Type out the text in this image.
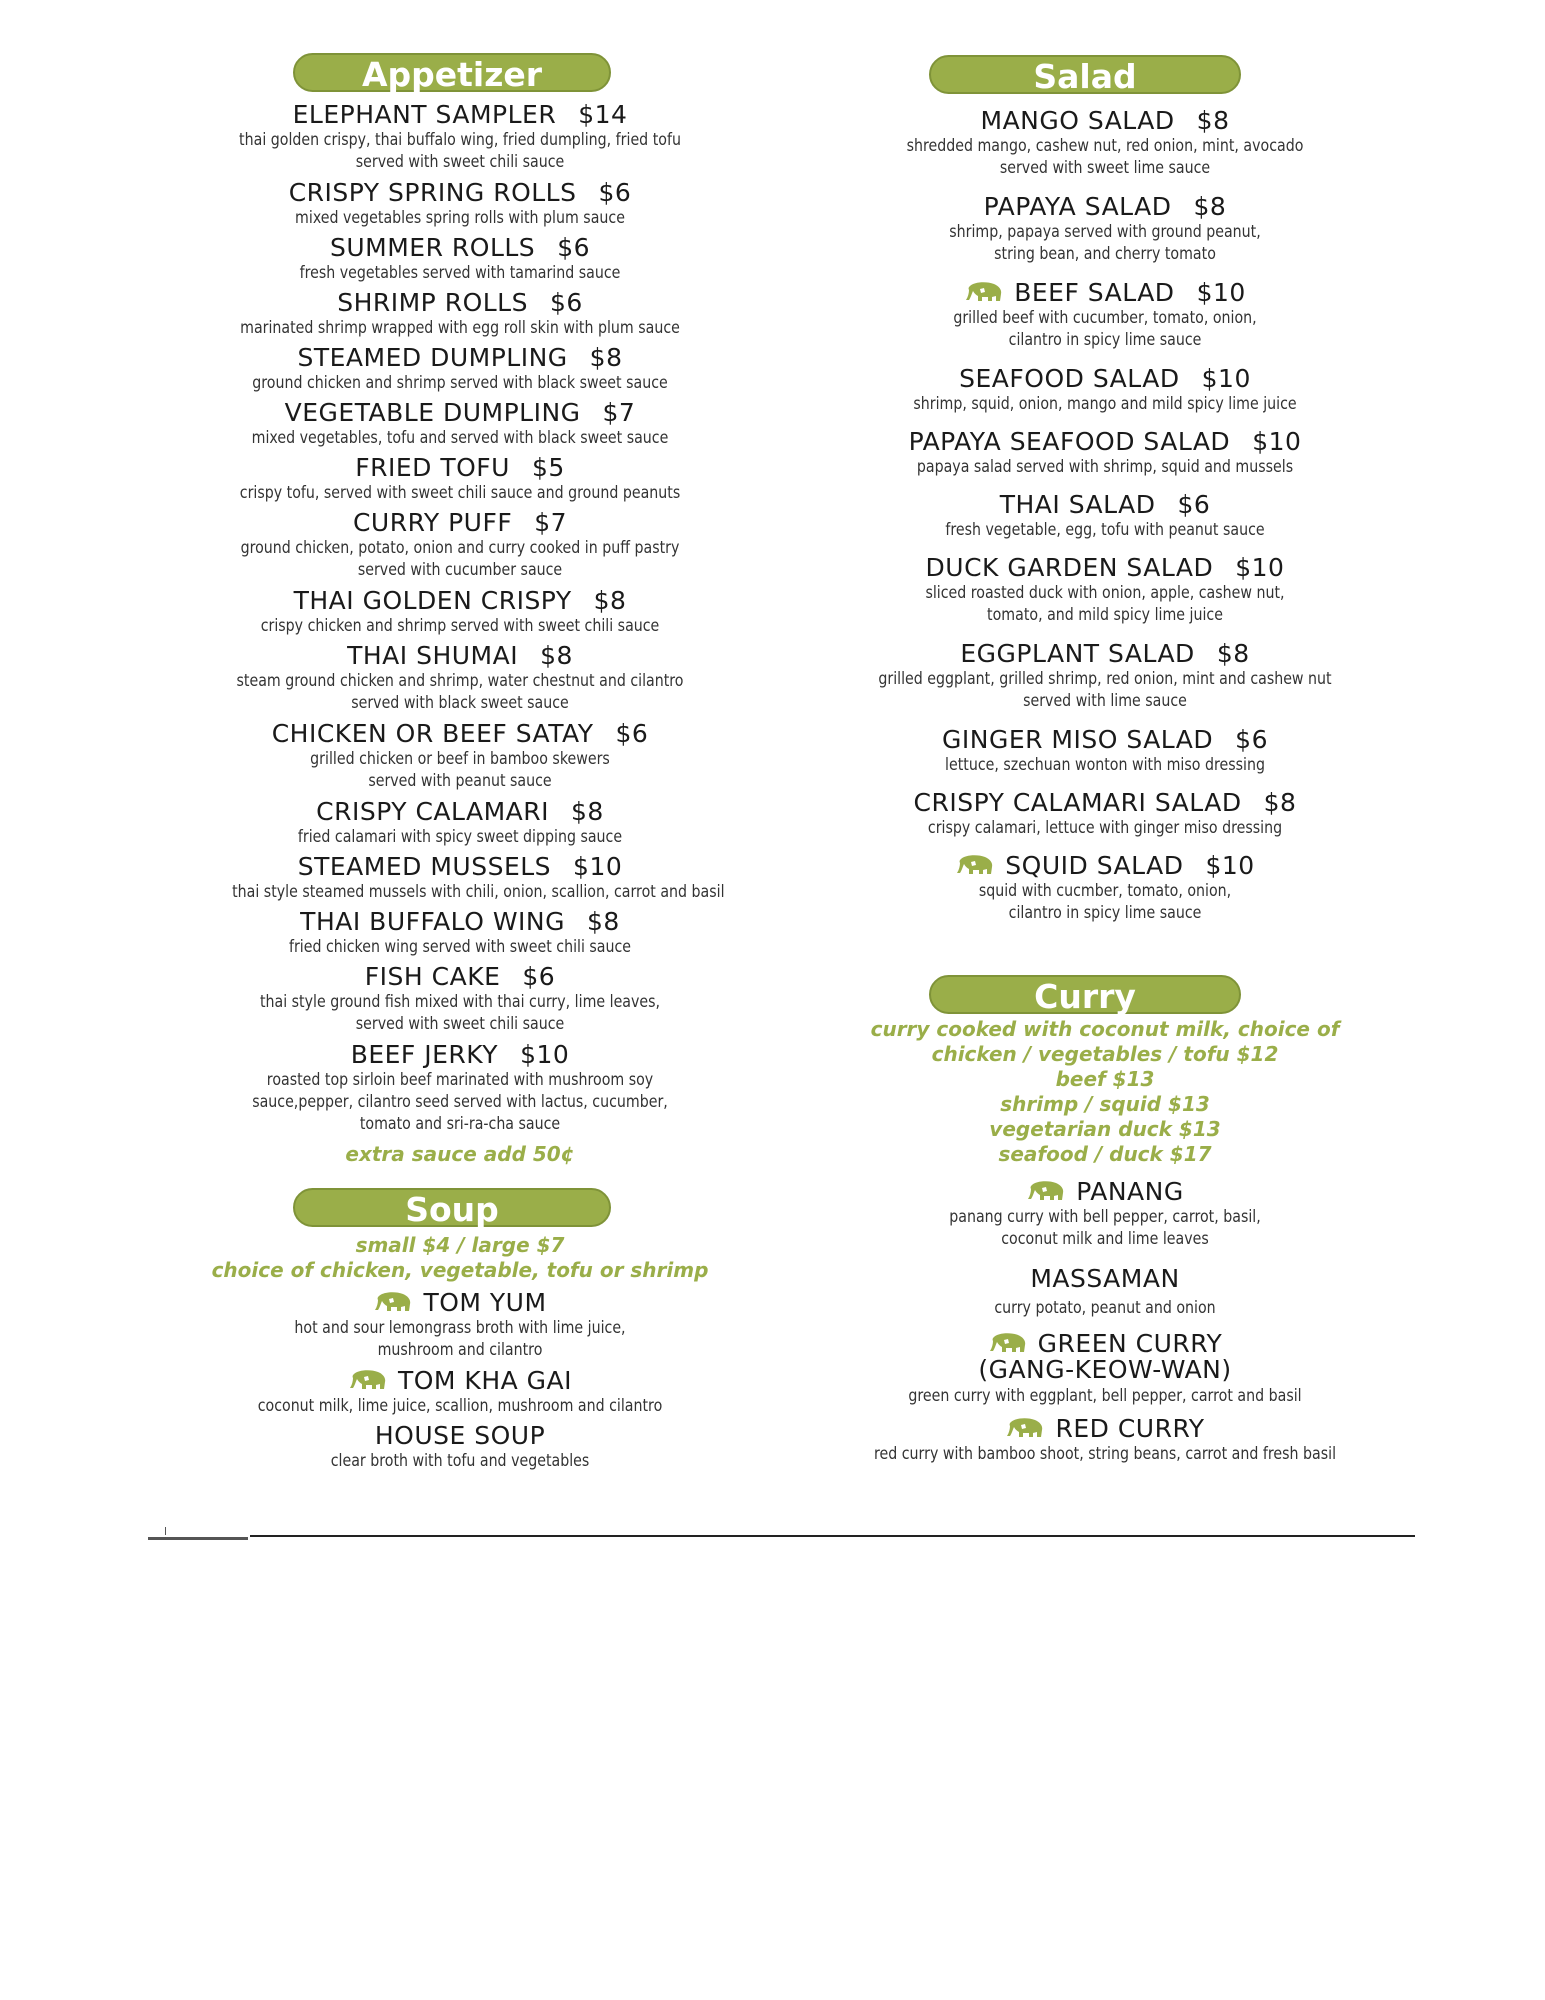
Appetizer
ELEPHANT SAMPLER $14
thai golden crispy, thai buffalo wing, fried dumpling, fried tofu
served with sweet chili sauce
CRISPY SPRING ROLLS $6
mixed vegetables spring rolls with plum sauce
SUMMER ROLLS $6
fresh vegetables served with tamarind sauce
SHRIMP ROLLS $6
marinated shrimp wrapped with egg roll skin with plum sauce
STEAMED DUMPLING $8
ground chicken and shrimp served with black sweet sauce
VEGETABLE DUMPLING $7
mixed vegetables, tofu and served with black sweet sauce
FRIED TOFU $5
crispy tofu, served with sweet chili sauce and ground peanuts
CURRY PUFF $7
ground chicken, potato, onion and curry cooked in puff pastry
served with cucumber sauce
THAI GOLDEN CRISPY $8
crispy chicken and shrimp served with sweet chili sauce
THAI SHUMAI $8
steam ground chicken and shrimp, water chestnut and cilantro
served with black sweet sauce
CHICKEN OR BEEF SATAY $6
grilled chicken or beef in bamboo skewers
served with peanut sauce
CRISPY CALAMARI $8
fried calamari with spicy sweet dipping sauce
STEAMED MUSSELS $10
thai style steamed mussels with chili, onion, scallion, carrot and basil
THAI BUFFALO WING $8
fried chicken wing served with sweet chili sauce
FISH CAKE $6
thai style ground fish mixed with thai curry, lime leaves,
served with sweet chili sauce
BEEF JERKY $10
roasted top sirloin beef marinated with mushroom soy
sauce,pepper, cilantro seed served with lactus, cucumber,
tomato and sri-ra-cha sauce
extra sauce add 50¢
Soup
small $4 / large $7
choice of chicken, vegetable, tofu or shrimp
TOM YUM
hot and sour lemongrass broth with lime juice,
mushroom and cilantro
TOM KHA GAI
coconut milk, lime juice, scallion, mushroom and cilantro
HOUSE SOUP
clear broth with tofu and vegetables
Salad
MANGO SALAD $8
shredded mango, cashew nut, red onion, mint, avocado
served with sweet lime sauce
PAPAYA SALAD $8
shrimp, papaya served with ground peanut,
string bean, and cherry tomato
BEEF SALAD $10
grilled beef with cucumber, tomato, onion,
cilantro in spicy lime sauce
SEAFOOD SALAD $10
shrimp, squid, onion, mango and mild spicy lime juice
PAPAYA SEAFOOD SALAD $10
papaya salad served with shrimp, squid and mussels
THAI SALAD $6
fresh vegetable, egg, tofu with peanut sauce
DUCK GARDEN SALAD $10
sliced roasted duck with onion, apple, cashew nut,
tomato, and mild spicy lime juice
EGGPLANT SALAD $8
grilled eggplant, grilled shrimp, red onion, mint and cashew nut
served with lime sauce
GINGER MISO SALAD $6
lettuce, szechuan wonton with miso dressing
CRISPY CALAMARI SALAD $8
crispy calamari, lettuce with ginger miso dressing
SQUID SALAD $10
squid with cucmber, tomato, onion,
cilantro in spicy lime sauce
Curry
curry cooked with coconut milk, choice of
chicken / vegetables / tofu $12
beef $13
shrimp / squid $13
vegetarian duck $13
seafood / duck $17
PANANG
panang curry with bell pepper, carrot, basil,
coconut milk and lime leaves
MASSAMAN
curry potato, peanut and onion
GREEN CURRY
(GANG-KEOW-WAN)
green curry with eggplant, bell pepper, carrot and basil
RED CURRY
red curry with bamboo shoot, string beans, carrot and fresh basil
